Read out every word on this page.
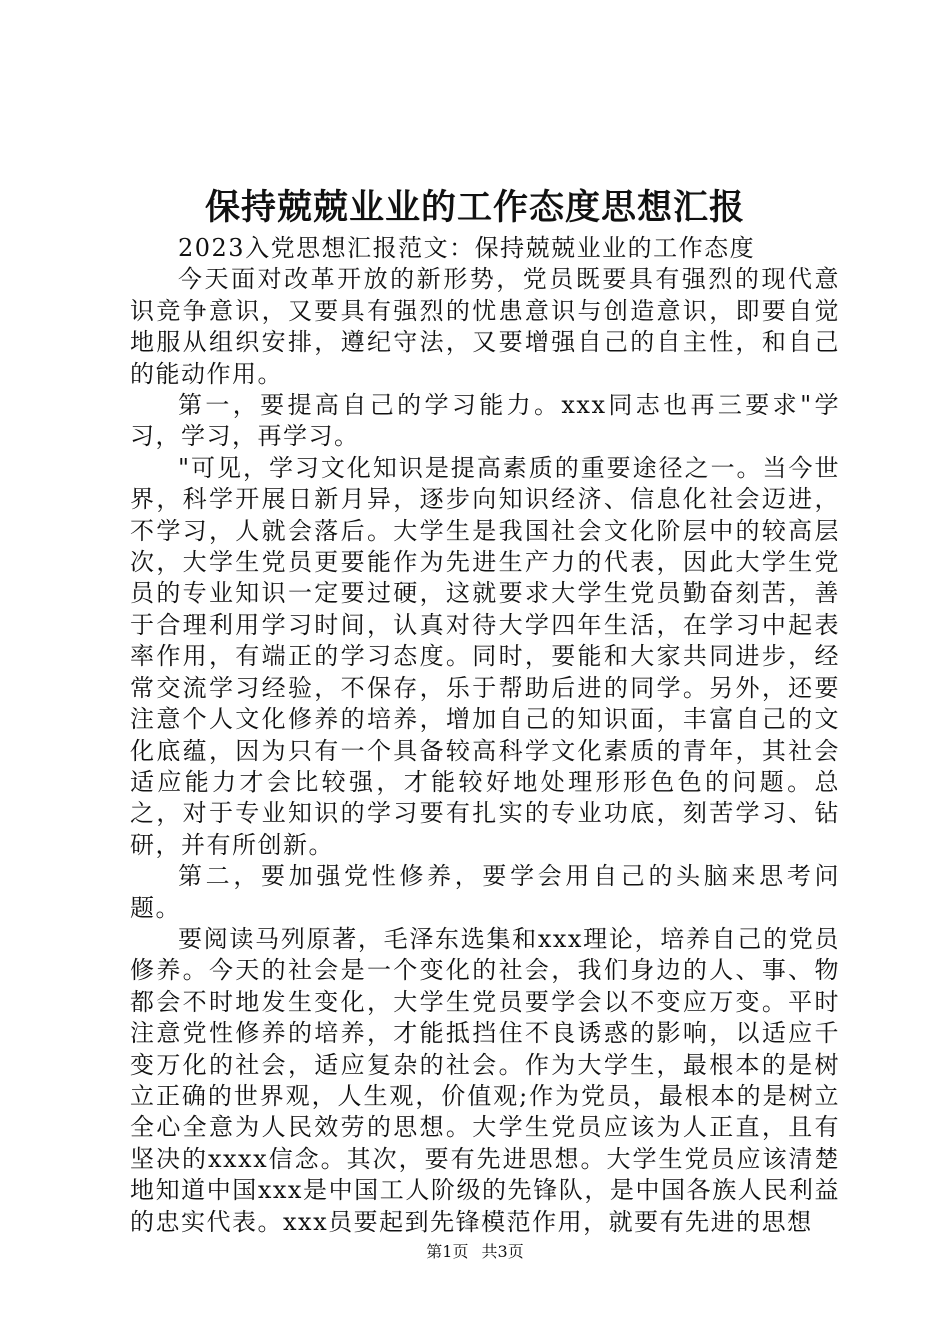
保持兢兢业业的工作态度思想汇报

2023入党思想汇报范文：保持兢兢业业的工作态度

今天面对改革开放的新形势，党员既要具有强烈的现代意识竞争意识，又要具有强烈的忧患意识与创造意识，即要自觉地服从组织安排，遵纪守法，又要增强自己的自主性，和自己的能动作用。

第一，要提高自己的学习能力。xxx同志也再三要求"学习，学习，再学习。

"可见，学习文化知识是提高素质的重要途径之一。当今世界，科学开展日新月异，逐步向知识经济、信息化社会迈进，不学习，人就会落后。大学生是我国社会文化阶层中的较高层次，大学生党员更要能作为先进生产力的代表，因此大学生党员的专业知识一定要过硬，这就要求大学生党员勤奋刻苦，善于合理利用学习时间，认真对待大学四年生活，在学习中起表率作用，有端正的学习态度。同时，要能和大家共同进步，经常交流学习经验，不保存，乐于帮助后进的同学。另外，还要注意个人文化修养的培养，增加自己的知识面，丰富自己的文化底蕴，因为只有一个具备较高科学文化素质的青年，其社会适应能力才会比较强，才能较好地处理形形色色的问题。总之，对于专业知识的学习要有扎实的专业功底，刻苦学习、钻研，并有所创新。

第二，要加强党性修养，要学会用自己的头脑来思考问题。

要阅读马列原著，毛泽东选集和xxx理论，培养自己的党员修养。今天的社会是一个变化的社会，我们身边的人、事、物都会不时地发生变化，大学生党员要学会以不变应万变。平时注意党性修养的培养，才能抵挡住不良诱惑的影响，以适应千变万化的社会，适应复杂的社会。作为大学生，最根本的是树立正确的世界观，人生观，价值观;作为党员，最根本的是树立全心全意为人民效劳的思想。大学生党员应该为人正直，且有坚决的xxxx信念。其次，要有先进思想。大学生党员应该清楚地知道中国xxx是中国工人阶级的先锋队，是中国各族人民利益的忠实代表。xxx员要起到先锋模范作用，就要有先进的思想

第1页 共3页
